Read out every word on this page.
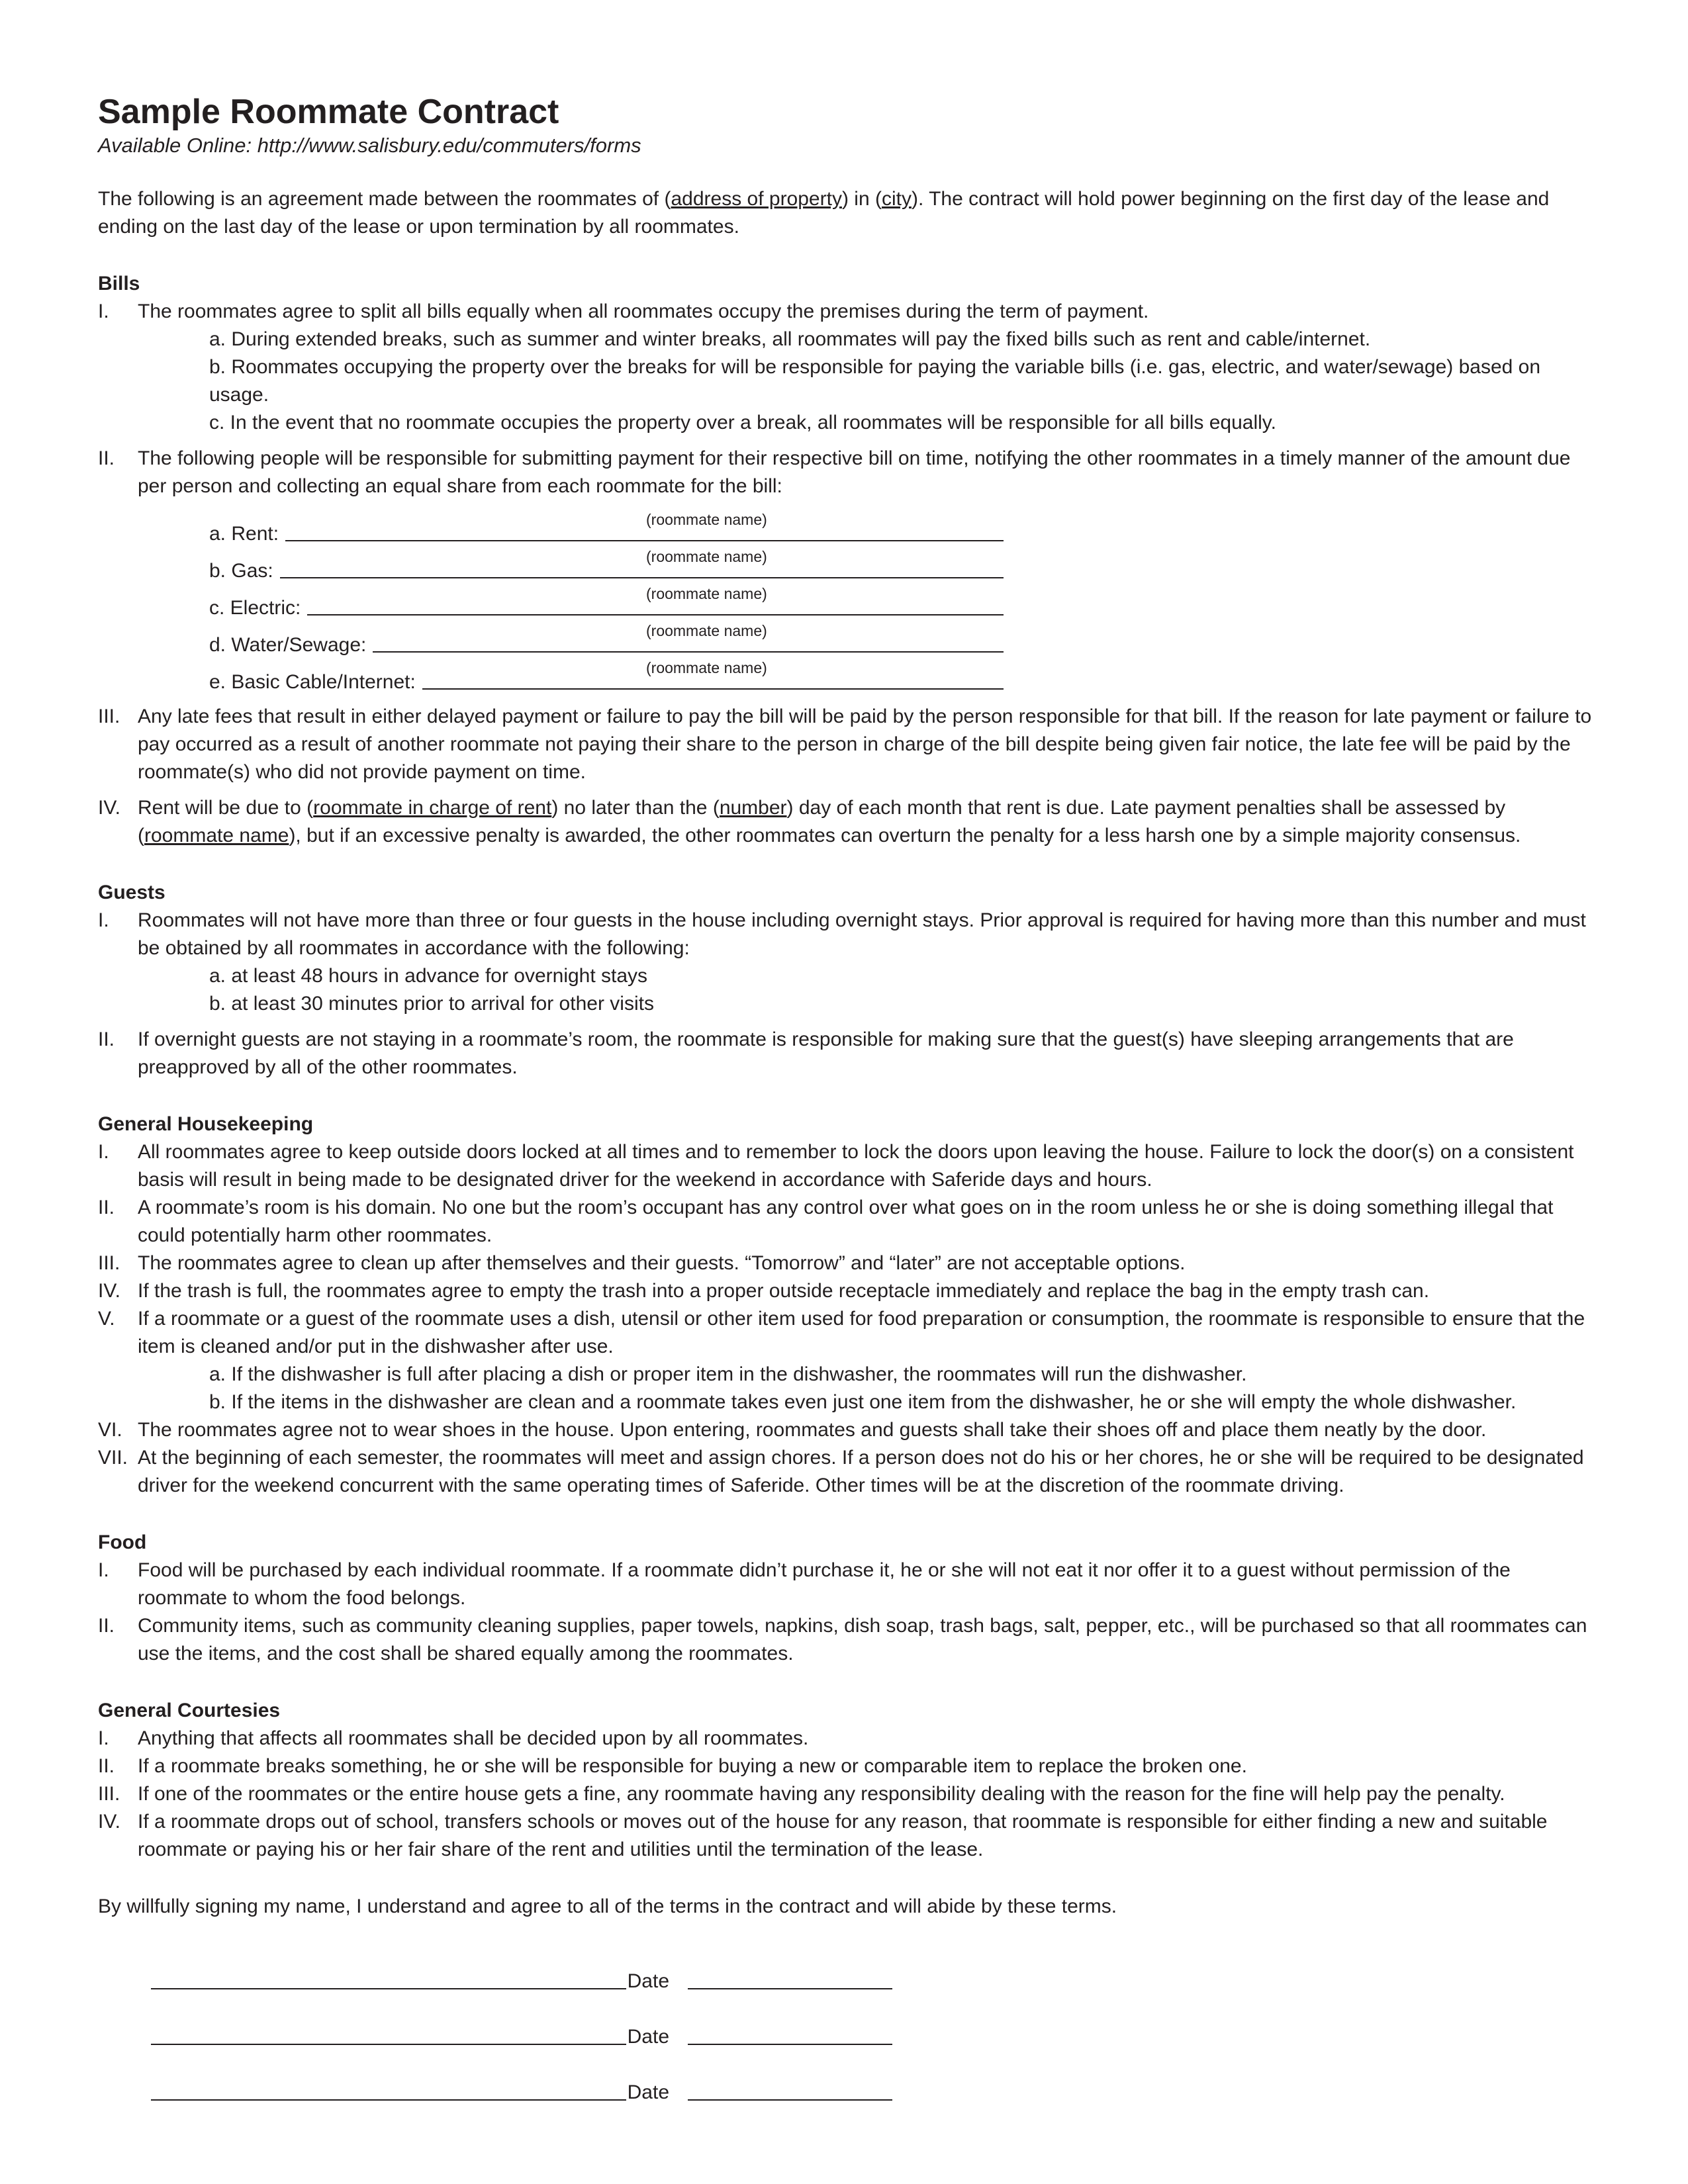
Sample Roommate Contract

Available Online: http://www.salisbury.edu/commuters/forms

The following is an agreement made between the roommates of (address of property) in (city). The contract will hold power beginning on the first day of the lease and ending on the last day of the lease or upon termination by all roommates.

Bills

I.	The roommates agree to split all bills equally when all roommates occupy the premises during the term of payment.
a. During extended breaks, such as summer and winter breaks, all roommates will pay the fixed bills such as rent and cable/internet.
b. Roommates occupying the property over the breaks for will be responsible for paying the variable bills (i.e. gas, electric, and water/sewage) based on usage.
c. In the event that no roommate occupies the property over a break, all roommates will be responsible for all bills equally.
II.	The following people will be responsible for submitting payment for their respective bill on time, notifying the other roommates in a timely manner of the amount due per person and collecting an equal share from each roommate for the bill:
a. Rent:
(roommate name)
b. Gas:
(roommate name)
c. Electric:
(roommate name)
d. Water/Sewage:
(roommate name)
e. Basic Cable/Internet:
(roommate name)
III. Any late fees that result in either delayed payment or failure to pay the bill will be paid by the person responsible for that bill. If the reason for late payment or failure to pay occurred as a result of another roommate not paying their share to the person in charge of the bill despite being given fair notice, the late fee will be paid by the roommate(s) who did not provide payment on time.
IV. Rent will be due to (roommate in charge of rent) no later than the (number) day of each month that rent is due. Late payment penalties shall be assessed by (roommate name), but if an excessive penalty is awarded, the other roommates can overturn the penalty for a less harsh one by a simple majority consensus.

Guests

I.	Roommates will not have more than three or four guests in the house including overnight stays. Prior approval is required for having more than this number and must be obtained by all roommates in accordance with the following:
a. at least 48 hours in advance for overnight stays
b. at least 30 minutes prior to arrival for other visits
II.	If overnight guests are not staying in a roommate’s room, the roommate is responsible for making sure that the guest(s) have sleeping arrangements that are preapproved by all of the other roommates.

General Housekeeping

I.	All roommates agree to keep outside doors locked at all times and to remember to lock the doors upon leaving the house. Failure to lock the door(s) on a consistent basis will result in being made to be designated driver for the weekend in accordance with Saferide days and hours.
II.	A roommate’s room is his domain. No one but the room’s occupant has any control over what goes on in the room unless he or she is doing something illegal that could potentially harm other roommates.
III. The roommates agree to clean up after themselves and their guests. “Tomorrow” and “later” are not acceptable options.
IV. If the trash is full, the roommates agree to empty the trash into a proper outside receptacle immediately and replace the bag in the empty trash can.
V.	If a roommate or a guest of the roommate uses a dish, utensil or other item used for food preparation or consumption, the roommate is responsible to ensure that the item is cleaned and/or put in the dishwasher after use.
a. If the dishwasher is full after placing a dish or proper item in the dishwasher, the roommates will run the dishwasher.
b. If the items in the dishwasher are clean and a roommate takes even just one item from the dishwasher, he or she will empty the whole dishwasher.
VI. The roommates agree not to wear shoes in the house. Upon entering, roommates and guests shall take their shoes off and place them neatly by the door.
VII. At the beginning of each semester, the roommates will meet and assign chores. If a person does not do his or her chores, he or she will be required to be designated driver for the weekend concurrent with the same operating times of Saferide. Other times will be at the discretion of the roommate driving.

Food

I.	Food will be purchased by each individual roommate. If a roommate didn’t purchase it, he or she will not eat it nor offer it to a guest without permission of the roommate to whom the food belongs.
II.	Community items, such as community cleaning supplies, paper towels, napkins, dish soap, trash bags, salt, pepper, etc., will be purchased so that all roommates can use the items, and the cost shall be shared equally among the roommates.

General Courtesies

I.	Anything that affects all roommates shall be decided upon by all roommates.
II.	If a roommate breaks something, he or she will be responsible for buying a new or comparable item to replace the broken one.
III. If one of the roommates or the entire house gets a fine, any roommate having any responsibility dealing with the reason for the fine will help pay the penalty.
IV. If a roommate drops out of school, transfers schools or moves out of the house for any reason, that roommate is responsible for either finding a new and suitable roommate or paying his or her fair share of the rent and utilities until the termination of the lease.

By willfully signing my name, I understand and agree to all of the terms in the contract and will abide by these terms.

Date
Date
Date
